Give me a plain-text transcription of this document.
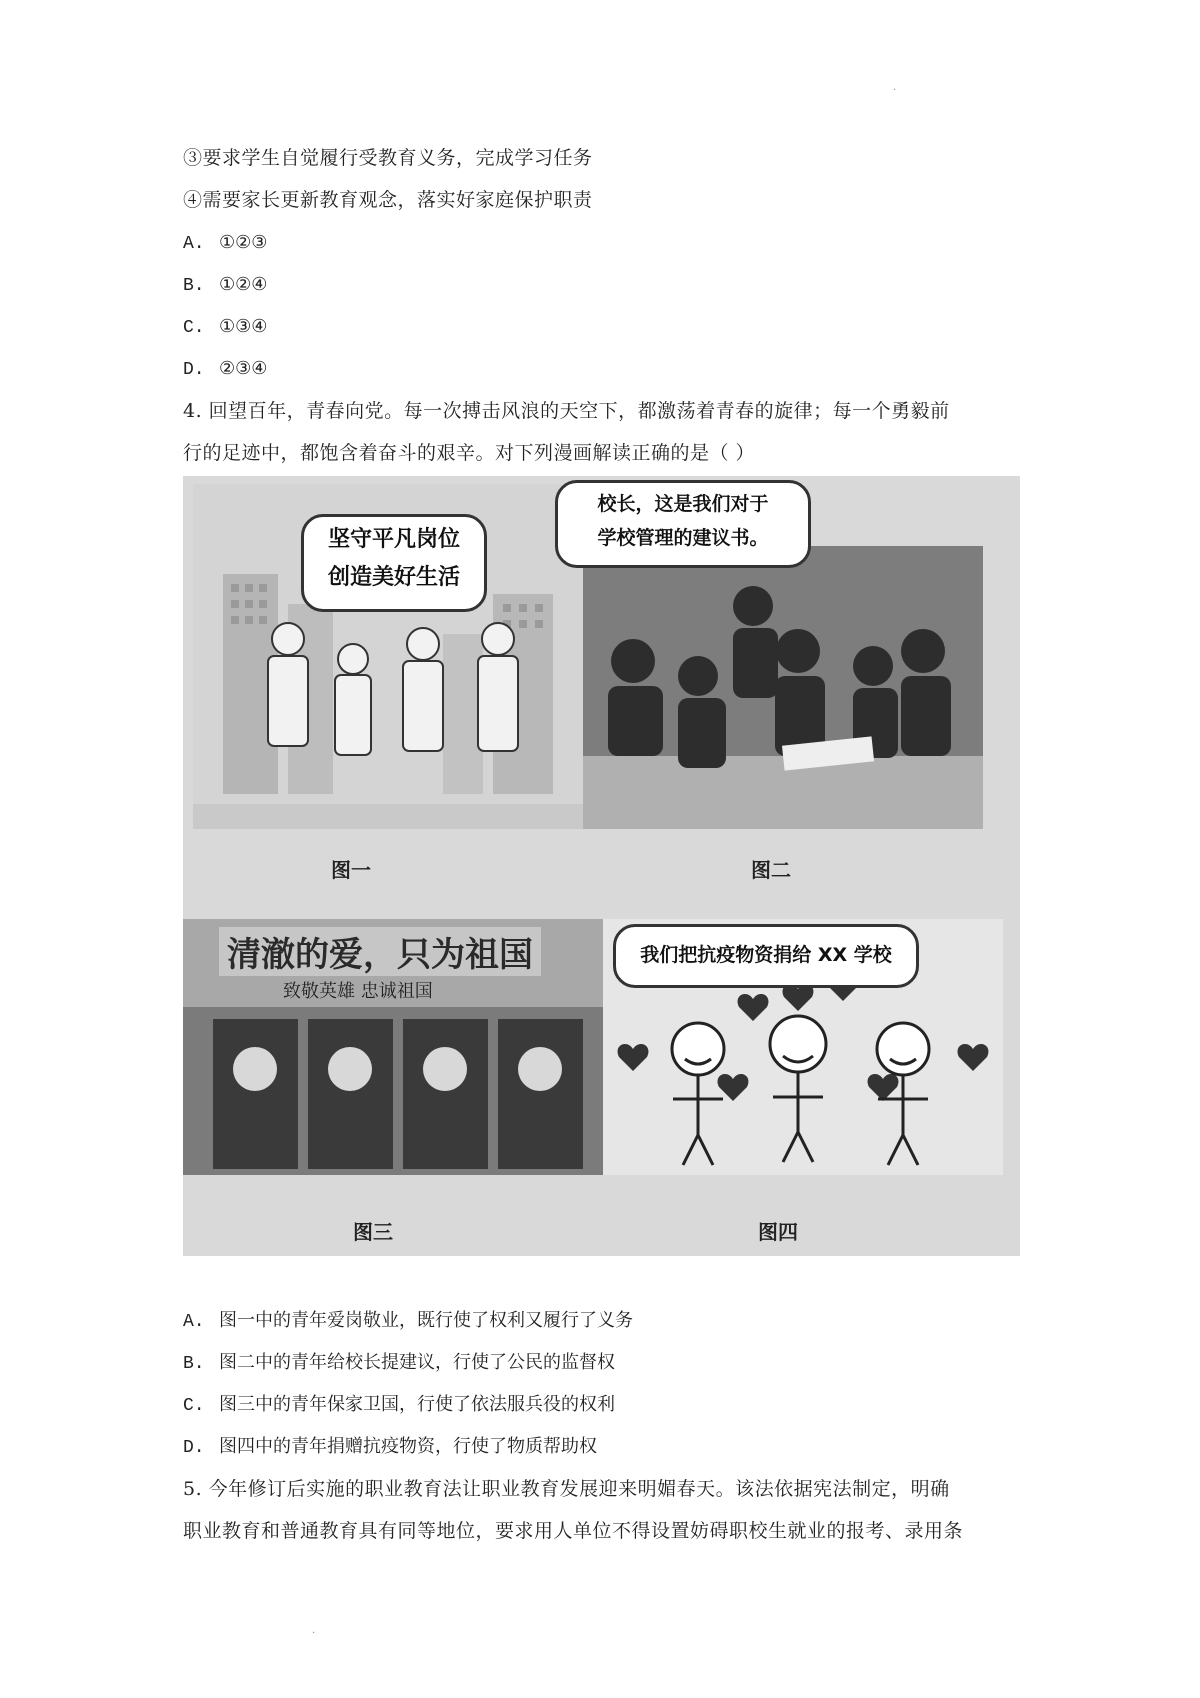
.
③要求学生自觉履行受教育义务，完成学习任务
④需要家长更新教育观念，落实好家庭保护职责
A. ①②③
B. ①②④
C. ①③④
D. ②③④
4. 回望百年，青春向党。每一次搏击风浪的天空下，都激荡着青春的旋律；每一个勇毅前
行的足迹中，都饱含着奋斗的艰辛。对下列漫画解读正确的是（ ）
坚守平凡岗位
创造美好生活
图一
校长，这是我们对于
学校管理的建议书。
图二
清澈的爱，只为祖国
致敬英雄 忠诚祖国
图三
我们把抗疫物资捐给 XX 学校
图四
A. 图一中的青年爱岗敬业，既行使了权利又履行了义务
B. 图二中的青年给校长提建议，行使了公民的监督权
C. 图三中的青年保家卫国，行使了依法服兵役的权利
D. 图四中的青年捐赠抗疫物资，行使了物质帮助权
5. 今年修订后实施的职业教育法让职业教育发展迎来明媚春天。该法依据宪法制定，明确
职业教育和普通教育具有同等地位，要求用人单位不得设置妨碍职校生就业的报考、录用条
.
